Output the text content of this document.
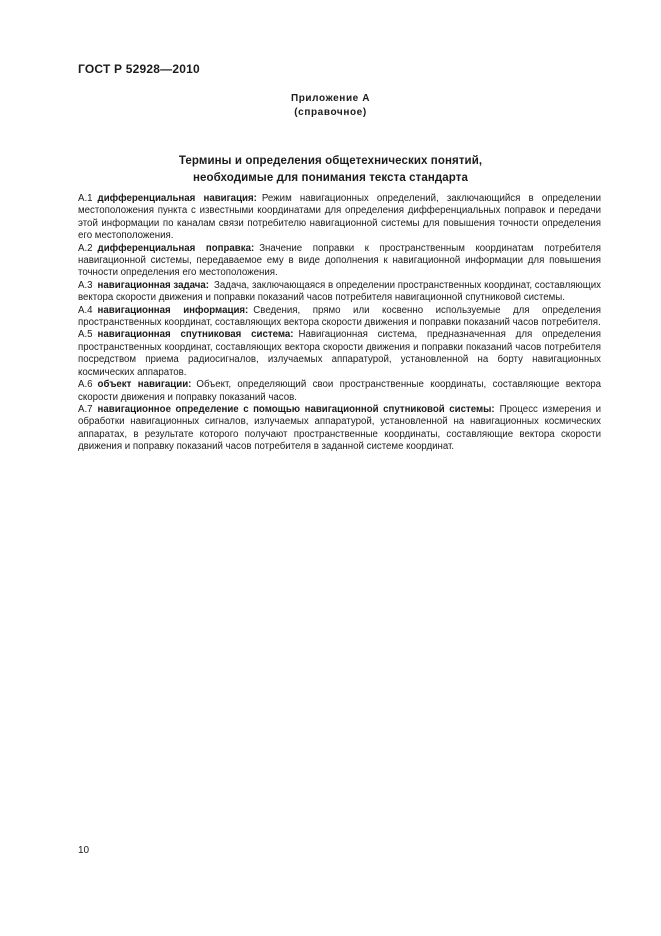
ГОСТ Р 52928—2010
Приложение А
(справочное)
Термины и определения общетехнических понятий,
необходимые для понимания текста стандарта

А.1 дифференциальная навигация: Режим навигационных определений, заключающийся в определении местоположения пункта с известными координатами для определения дифференциальных поправок и передачи этой информации по каналам связи потребителю навигационной системы для повышения точности определения его местоположения.

А.2 дифференциальная поправка: Значение поправки к пространственным координатам потребителя навигационной системы, передаваемое ему в виде дополнения к навигационной информации для повышения точности определения его местоположения.

А.3 навигационная задача: Задача, заключающаяся в определении пространственных координат, составляющих вектора скорости движения и поправки показаний часов потребителя навигационной спутниковой системы.

А.4 навигационная информация: Сведения, прямо или косвенно используемые для определения пространственных координат, составляющих вектора скорости движения и поправки показаний часов потребителя.

А.5 навигационная спутниковая система: Навигационная система, предназначенная для определения пространственных координат, составляющих вектора скорости движения и поправки показаний часов потребителя посредством приема радиосигналов, излучаемых аппаратурой, установленной на борту навигационных космических аппаратов.

А.6 объект навигации: Объект, определяющий свои пространственные координаты, составляющие вектора скорости движения и поправку показаний часов.

А.7 навигационное определение с помощью навигационной спутниковой системы: Процесс измерения и обработки навигационных сигналов, излучаемых аппаратурой, установленной на навигационных космических аппаратах, в результате которого получают пространственные координаты, составляющие вектора скорости движения и поправку показаний часов потребителя в заданной системе координат.

10
